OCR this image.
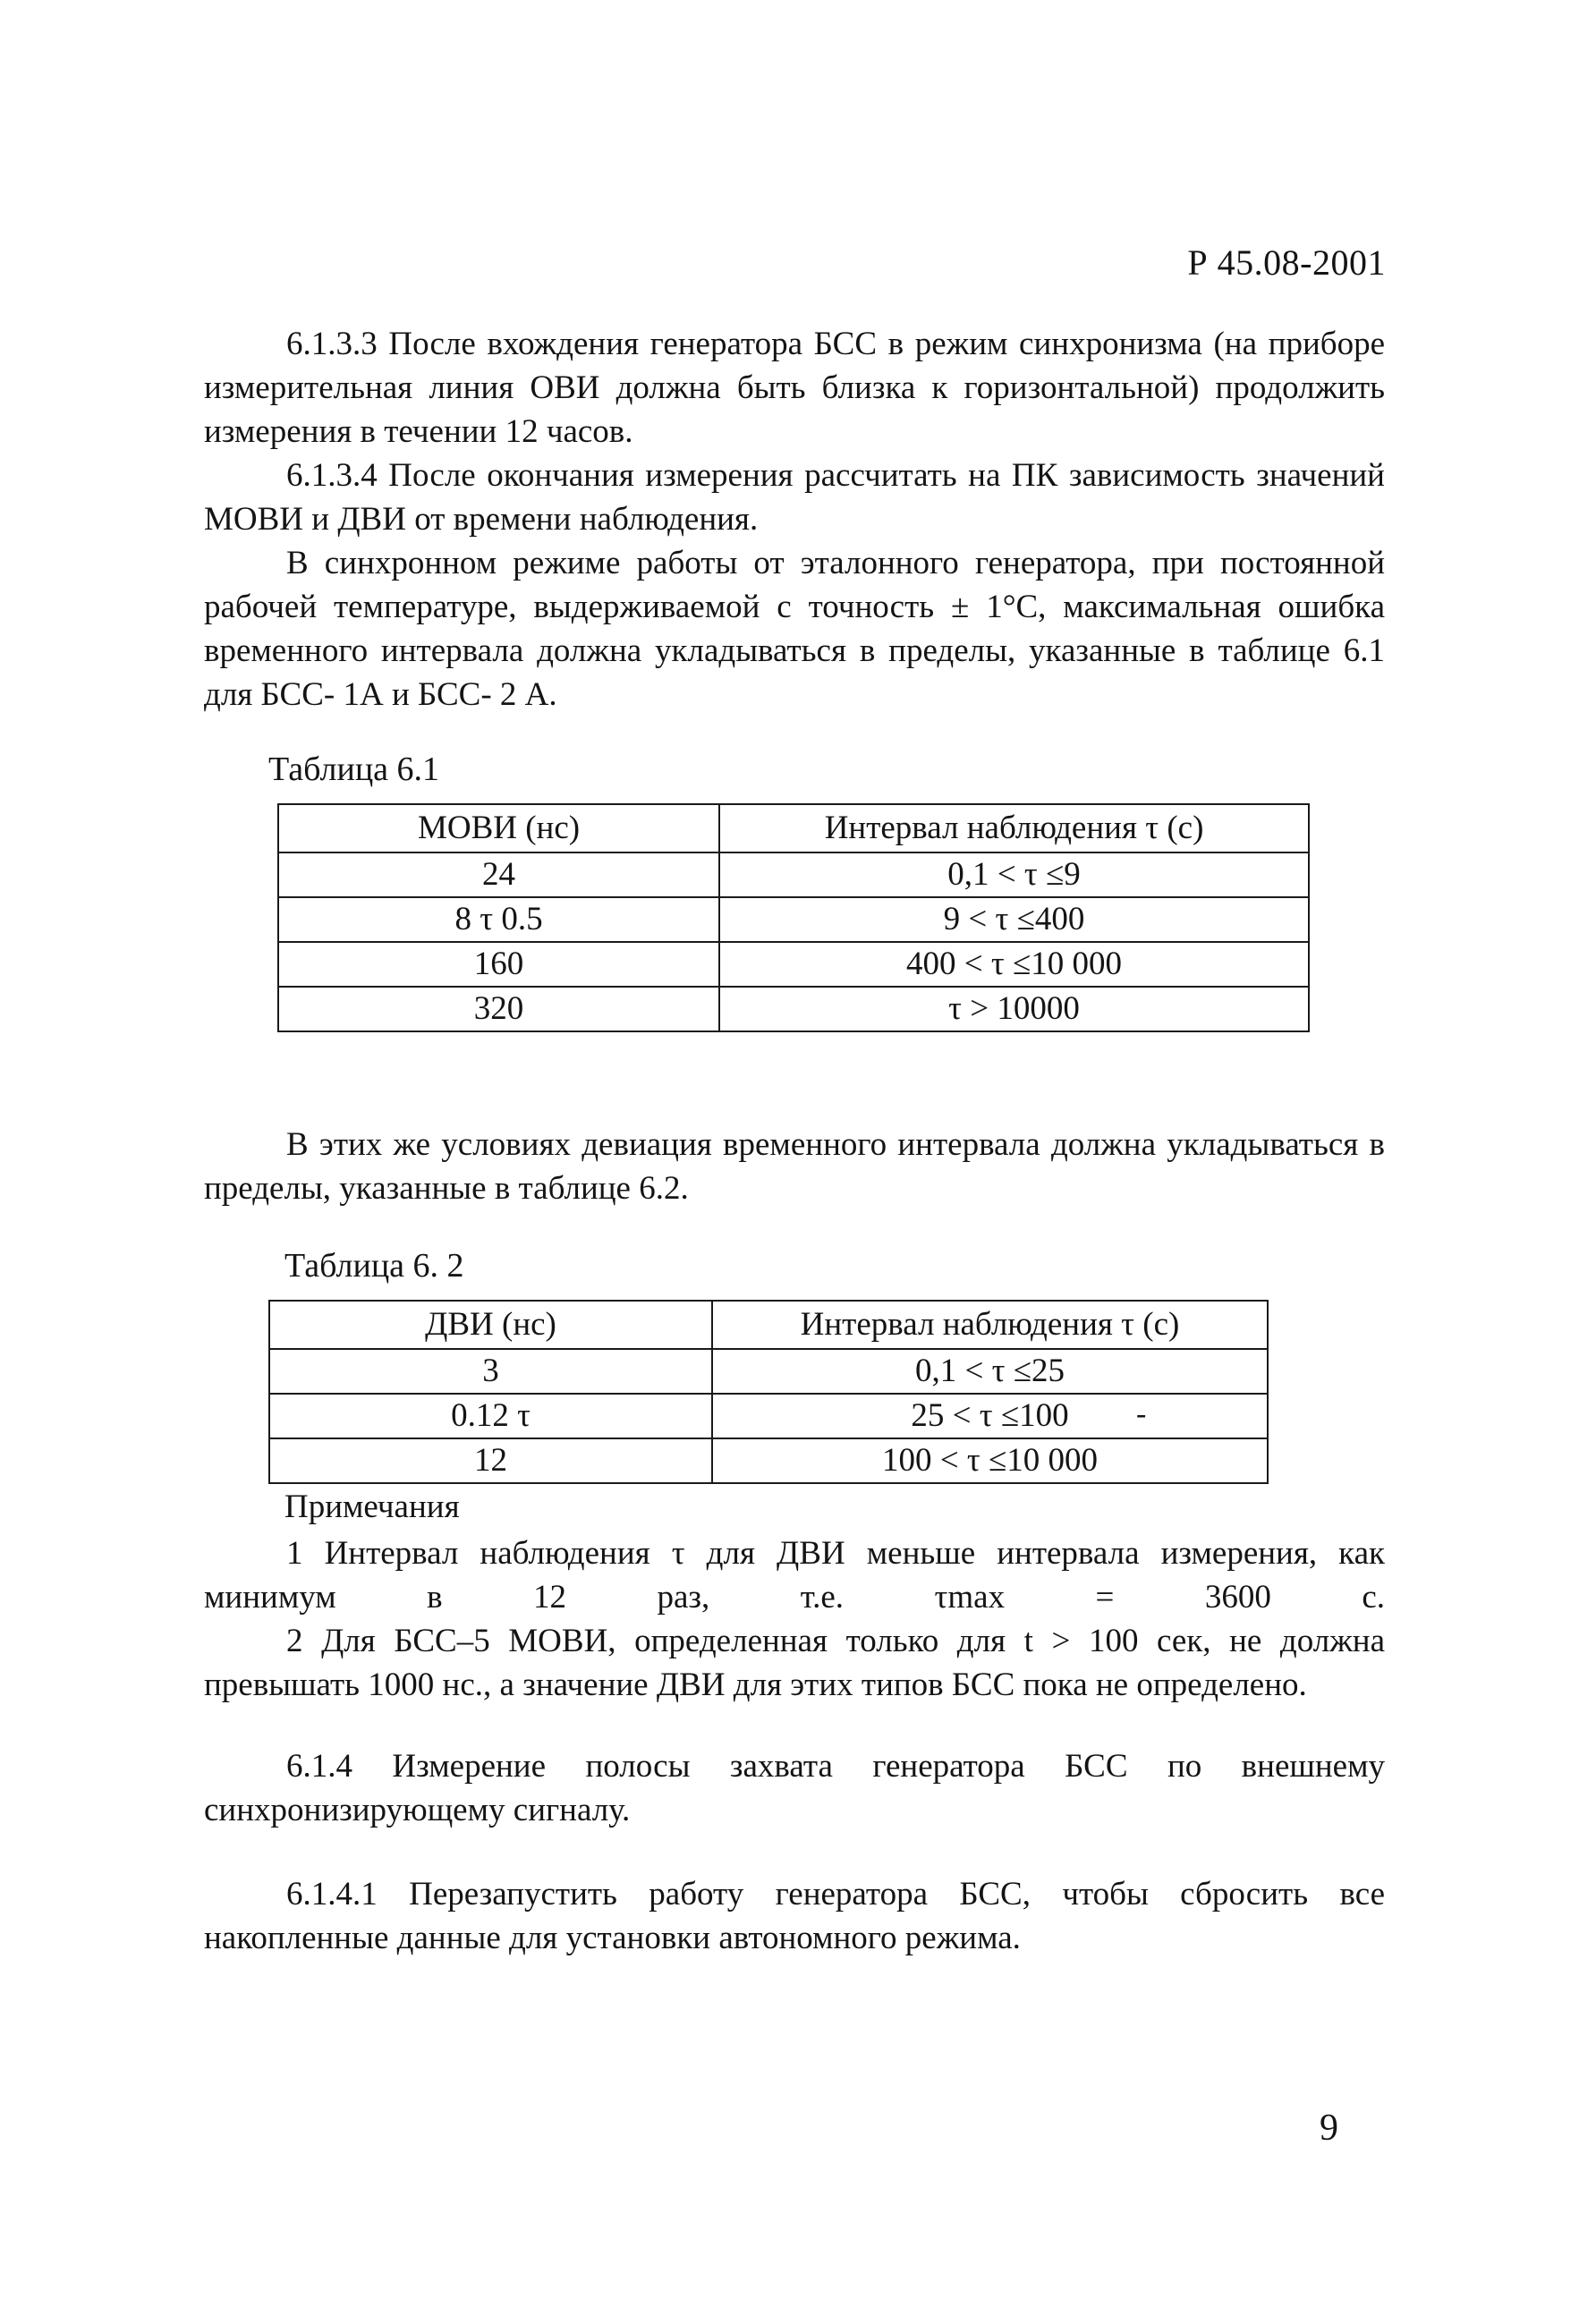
Р 45.08-2001

6.1.3.3 После вхождения генератора БСС в режим синхронизма (на приборе измерительная линия ОВИ должна быть близка к горизонтальной) продолжить измерения в течении 12 часов.

6.1.3.4 После окончания измерения рассчитать на ПК зависимость значений МОВИ и ДВИ от времени наблюдения.

В синхронном режиме работы от эталонного генератора, при постоянной рабочей температуре, выдерживаемой с точность ± 1°С, максимальная ошибка временного интервала должна укладываться в пределы, указанные в таблице 6.1 для БСС- 1А и БСС- 2 А.

Таблица 6.1
МОВИ (нс)	Интервал наблюдения τ (с)
24	0,1 < τ ≤9
8 τ 0.5	9 < τ ≤400
160	400 < τ ≤10 000
320	τ > 10000

В этих же условиях девиация временного интервала должна укладываться в пределы, указанные в таблице 6.2.

Таблица 6. 2
ДВИ (нс)	Интервал наблюдения τ (с)
3	0,1 < τ ≤25
0.12 τ	25 < τ ≤100
12	100 < τ ≤10 000
-
Примечания

1 Интервал наблюдения τ для ДВИ меньше интервала измерения, как минимум в 12 раз, т.е. τmax = 3600 с.

2 Для БСС–5 МОВИ, определенная только для t > 100 сек, не должна превышать 1000 нс., а значение ДВИ для этих типов БСС пока не определено.

6.1.4 Измерение полосы захвата генератора БСС по внешнему синхронизирующему сигналу.

6.1.4.1 Перезапустить работу генератора БСС, чтобы сбросить все накопленные данные для установки автономного режима.

9
